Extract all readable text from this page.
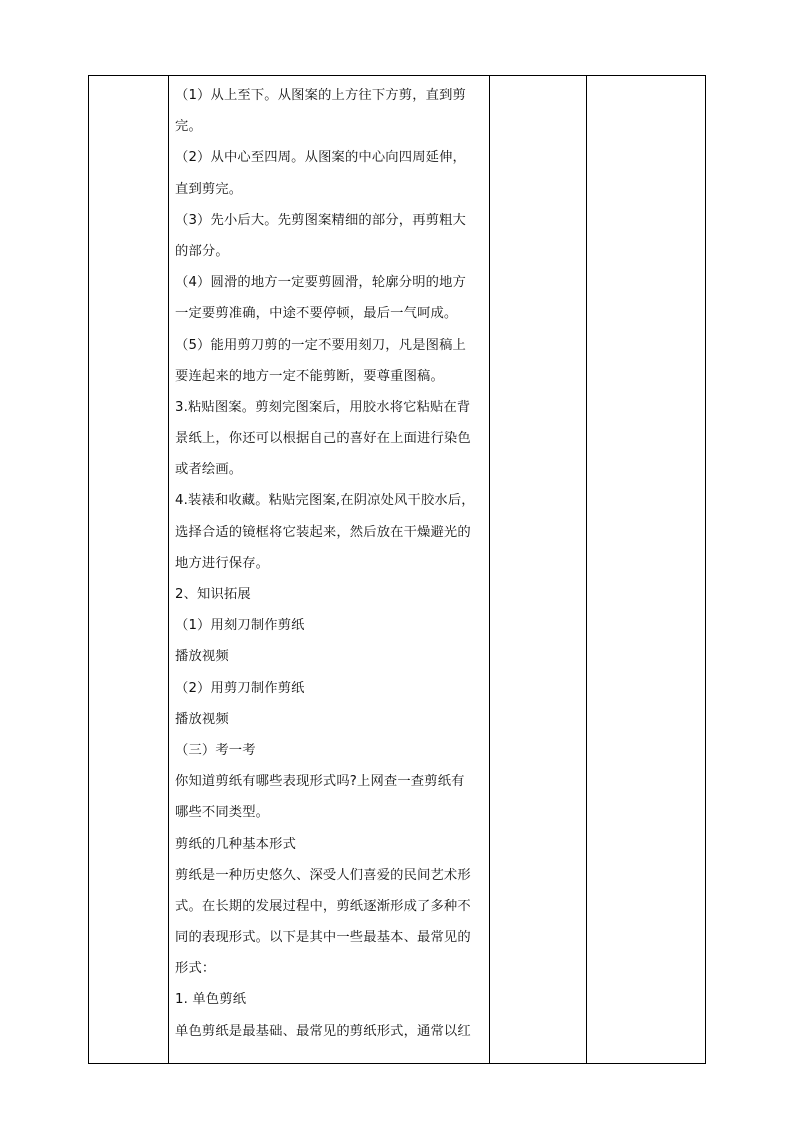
（1）从上至下。从图案的上方往下方剪，直到剪
完。
（2）从中心至四周。从图案的中心向四周延伸，
直到剪完。
（3）先小后大。先剪图案精细的部分，再剪粗大
的部分。
（4）圆滑的地方一定要剪圆滑，轮廓分明的地方
一定要剪准确，中途不要停顿，最后一气呵成。
（5）能用剪刀剪的一定不要用刻刀，凡是图稿上
要连起来的地方一定不能剪断，要尊重图稿。
3.粘贴图案。剪刻完图案后，用胶水将它粘贴在背
景纸上，你还可以根据自己的喜好在上面进行染色
或者绘画。
4.装裱和收藏。粘贴完图案,在阴凉处风干胶水后，
选择合适的镜框将它装起来，然后放在干燥避光的
地方进行保存。
2、知识拓展
（1）用刻刀制作剪纸
播放视频
（2）用剪刀制作剪纸
播放视频
（三）考一考
你知道剪纸有哪些表现形式吗?上网查一查剪纸有
哪些不同类型。
剪纸的几种基本形式
剪纸是一种历史悠久、深受人们喜爱的民间艺术形
式。在长期的发展过程中，剪纸逐渐形成了多种不
同的表现形式。以下是其中一些最基本、最常见的
形式：
1. 单色剪纸
单色剪纸是最基础、最常见的剪纸形式，通常以红
